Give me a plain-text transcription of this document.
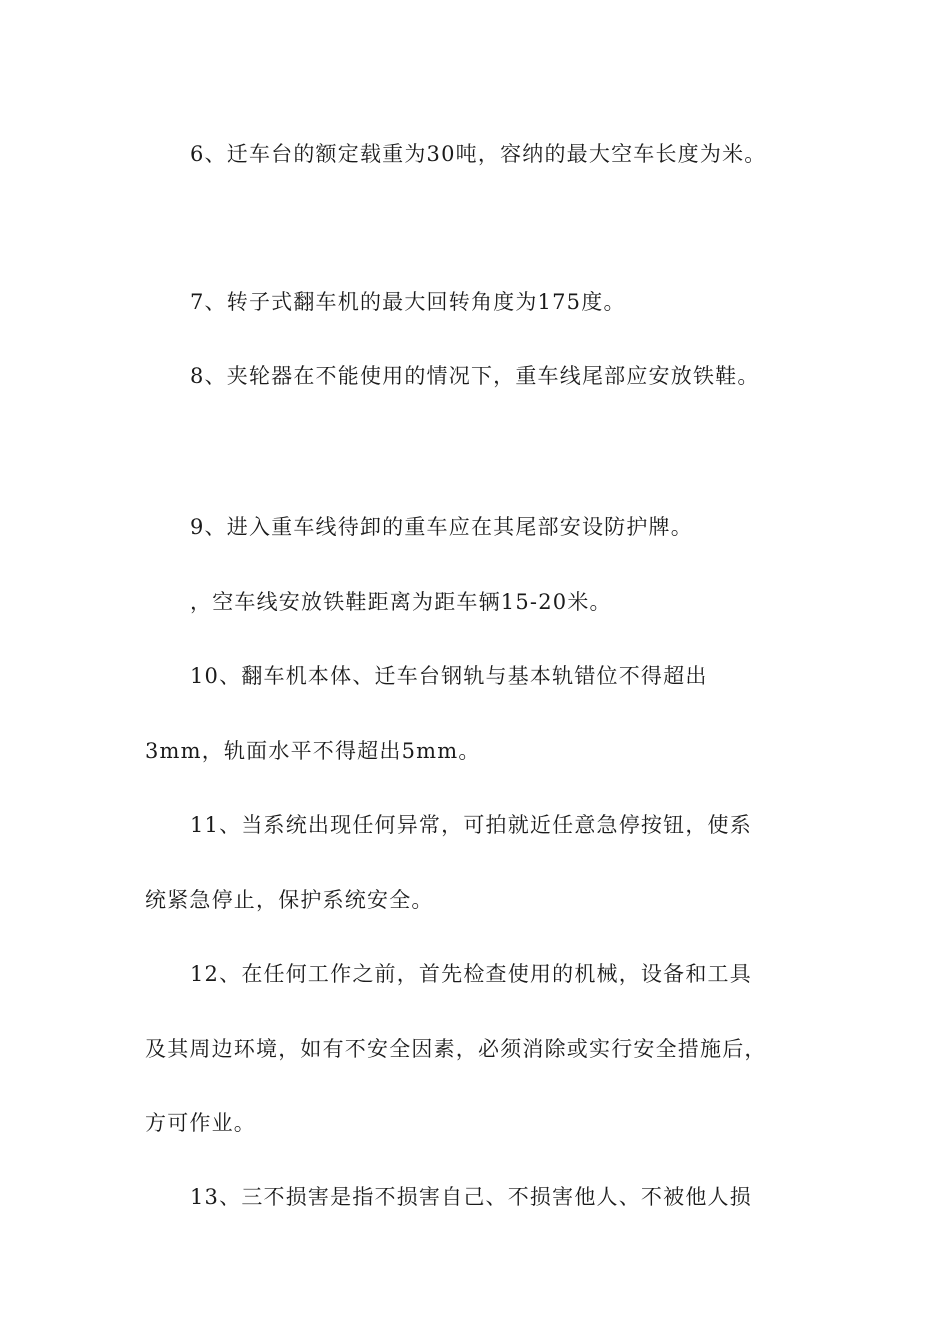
6、迁车台的额定载重为30吨，容纳的最大空车长度为米。
7、转子式翻车机的最大回转角度为175度。
8、夹轮器在不能使用的情况下，重车线尾部应安放铁鞋。
9、进入重车线待卸的重车应在其尾部安设防护牌。
，空车线安放铁鞋距离为距车辆15-20米。
10、翻车机本体、迁车台钢轨与基本轨错位不得超出
3mm，轨面水平不得超出5mm。
11、当系统出现任何异常，可拍就近任意急停按钮，使系
统紧急停止，保护系统安全。
12、在任何工作之前，首先检查使用的机械，设备和工具
及其周边环境，如有不安全因素，必须消除或实行安全措施后，
方可作业。
13、三不损害是指不损害自己、不损害他人、不被他人损
